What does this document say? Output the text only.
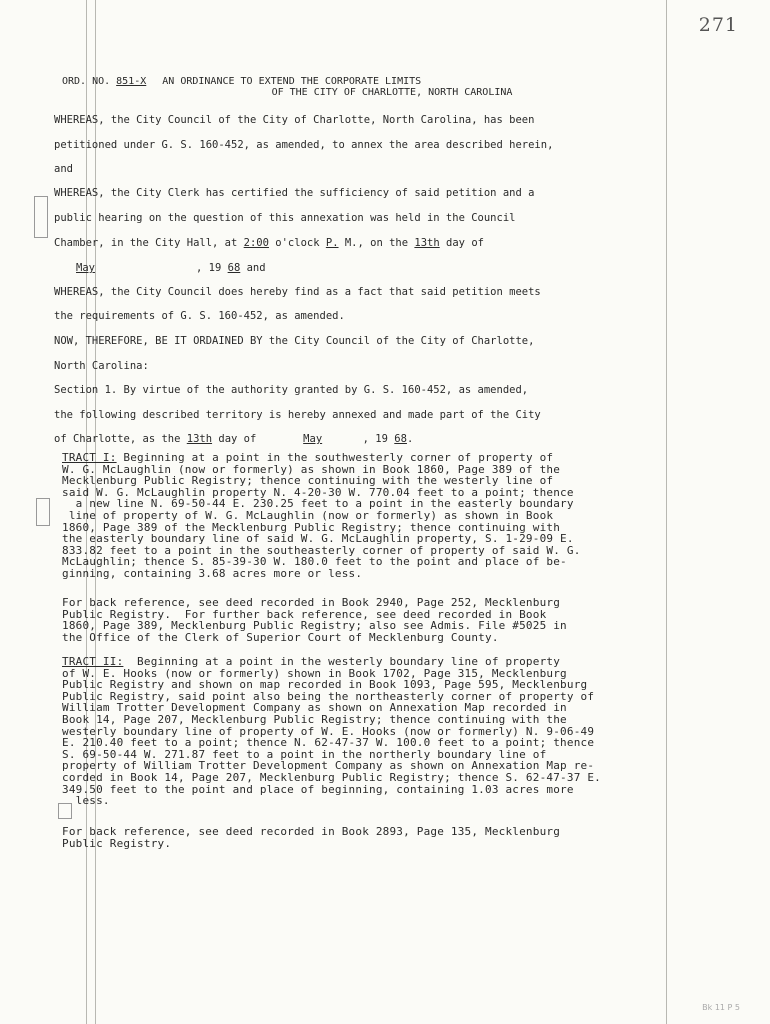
271
ORD. NO. 851-X	AN ORDINANCE TO EXTEND THE CORPORATE LIMITS
OF THE CITY OF CHARLOTTE, NORTH CAROLINA
WHEREAS, the City Council of the City of Charlotte, North Carolina, has been
petitioned under G. S. 160-452, as amended, to annex the area described herein,
and
WHEREAS, the City Clerk has certified the sufficiency of said petition and a
public hearing on the question of this annexation was held in the Council
Chamber, in the City Hall, at 2:00 o'clock P. M., on the 13th day of
May	, 19 68 and
WHEREAS, the City Council does hereby find as a fact that said petition meets
the requirements of G. S. 160-452, as amended.
NOW, THEREFORE, BE IT ORDAINED BY the City Council of the City of Charlotte,
North Carolina:
Section 1. By virtue of the authority granted by G. S. 160-452, as amended,
the following described territory is hereby annexed and made part of the City
of Charlotte, as the 13th day of	May	, 19 68.
TRACT I: Beginning at a point in the southwesterly corner of property of
W. G. McLaughlin (now or formerly) as shown in Book 1860, Page 389 of the
Mecklenburg Public Registry; thence continuing with the westerly line of
said W. G. McLaughlin property N. 4-20-30 W. 770.04 feet to a point; thence
a new line N. 69-50-44 E. 230.25 feet to a point in the easterly boundary
line of property of W. G. McLaughlin (now or formerly) as shown in Book
1860, Page 389 of the Mecklenburg Public Registry; thence continuing with
the easterly boundary line of said W. G. McLaughlin property, S. 1-29-09 E.
833.82 feet to a point in the southeasterly corner of property of said W. G.
McLaughlin; thence S. 85-39-30 W. 180.0 feet to the point and place of be-
ginning, containing 3.68 acres more or less.
For back reference, see deed recorded in Book 2940, Page 252, Mecklenburg
Public Registry.  For further back reference, see deed recorded in Book
1860, Page 389, Mecklenburg Public Registry; also see Admis. File #5025 in
the Office of the Clerk of Superior Court of Mecklenburg County.
TRACT II:  Beginning at a point in the westerly boundary line of property
of W. E. Hooks (now or formerly) shown in Book 1702, Page 315, Mecklenburg
Public Registry and shown on map recorded in Book 1093, Page 595, Mecklenburg
Public Registry, said point also being the northeasterly corner of property of
William Trotter Development Company as shown on Annexation Map recorded in
Book 14, Page 207, Mecklenburg Public Registry; thence continuing with the
westerly boundary line of property of W. E. Hooks (now or formerly) N. 9-06-49
E. 210.40 feet to a point; thence N. 62-47-37 W. 100.0 feet to a point; thence
S. 69-50-44 W. 271.87 feet to a point in the northerly boundary line of
property of William Trotter Development Company as shown on Annexation Map re-
corded in Book 14, Page 207, Mecklenburg Public Registry; thence S. 62-47-37 E.
349.50 feet to the point and place of beginning, containing 1.03 acres more
less.
For back reference, see deed recorded in Book 2893, Page 135, Mecklenburg
Public Registry.
Bk 11 P 5
